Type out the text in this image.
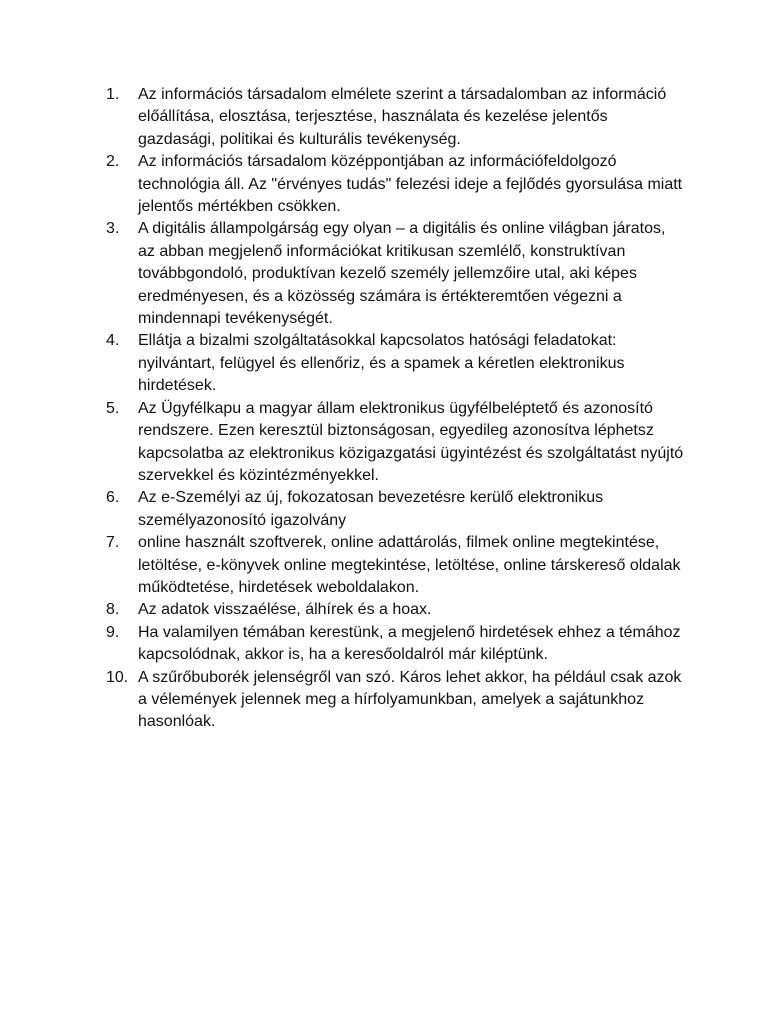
1.	Az információs társadalom elmélete szerint a társadalomban az információ előállítása, elosztása, terjesztése, használata és kezelése jelentős gazdasági, politikai és kulturális tevékenység.
2.	Az információs társadalom középpontjában az információfeldolgozó technológia áll. Az "érvényes tudás" felezési ideje a fejlődés gyorsulása miatt jelentős mértékben csökken.
3.	A digitális állampolgárság egy olyan – a digitális és online világban járatos, az abban megjelenő információkat kritikusan szemlélő, konstruktívan továbbgondoló, produktívan kezelő személy jellemzőire utal, aki képes eredményesen, és a közösség számára is értékteremtően végezni a mindennapi tevékenységét.
4.	Ellátja a bizalmi szolgáltatásokkal kapcsolatos hatósági feladatokat: nyilvántart, felügyel és ellenőriz, és a spamek a kéretlen elektronikus hirdetések.
5.	Az Ügyfélkapu a magyar állam elektronikus ügyfélbeléptető és azonosító rendszere. Ezen keresztül biztonságosan, egyedileg azonosítva léphetsz kapcsolatba az elektronikus közigazgatási ügyintézést és szolgáltatást nyújtó szervekkel és közintézményekkel.
6.	Az e-Személyi az új, fokozatosan bevezetésre kerülő elektronikus személyazonosító igazolvány
7.	online használt szoftverek, online adattárolás, filmek online megtekintése, letöltése, e-könyvek online megtekintése, letöltése, online társkereső oldalak működtetése, hirdetések weboldalakon.
8.	Az adatok visszaélése, álhírek és a hoax.
9.	Ha valamilyen témában kerestünk, a megjelenő hirdetések ehhez a témához kapcsolódnak, akkor is, ha a keresőoldalról már kiléptünk.
10. A szűrőbuborék jelenségről van szó. Káros lehet akkor, ha például csak azok a vélemények jelennek meg a hírfolyamunkban, amelyek a sajátunkhoz hasonlóak.
